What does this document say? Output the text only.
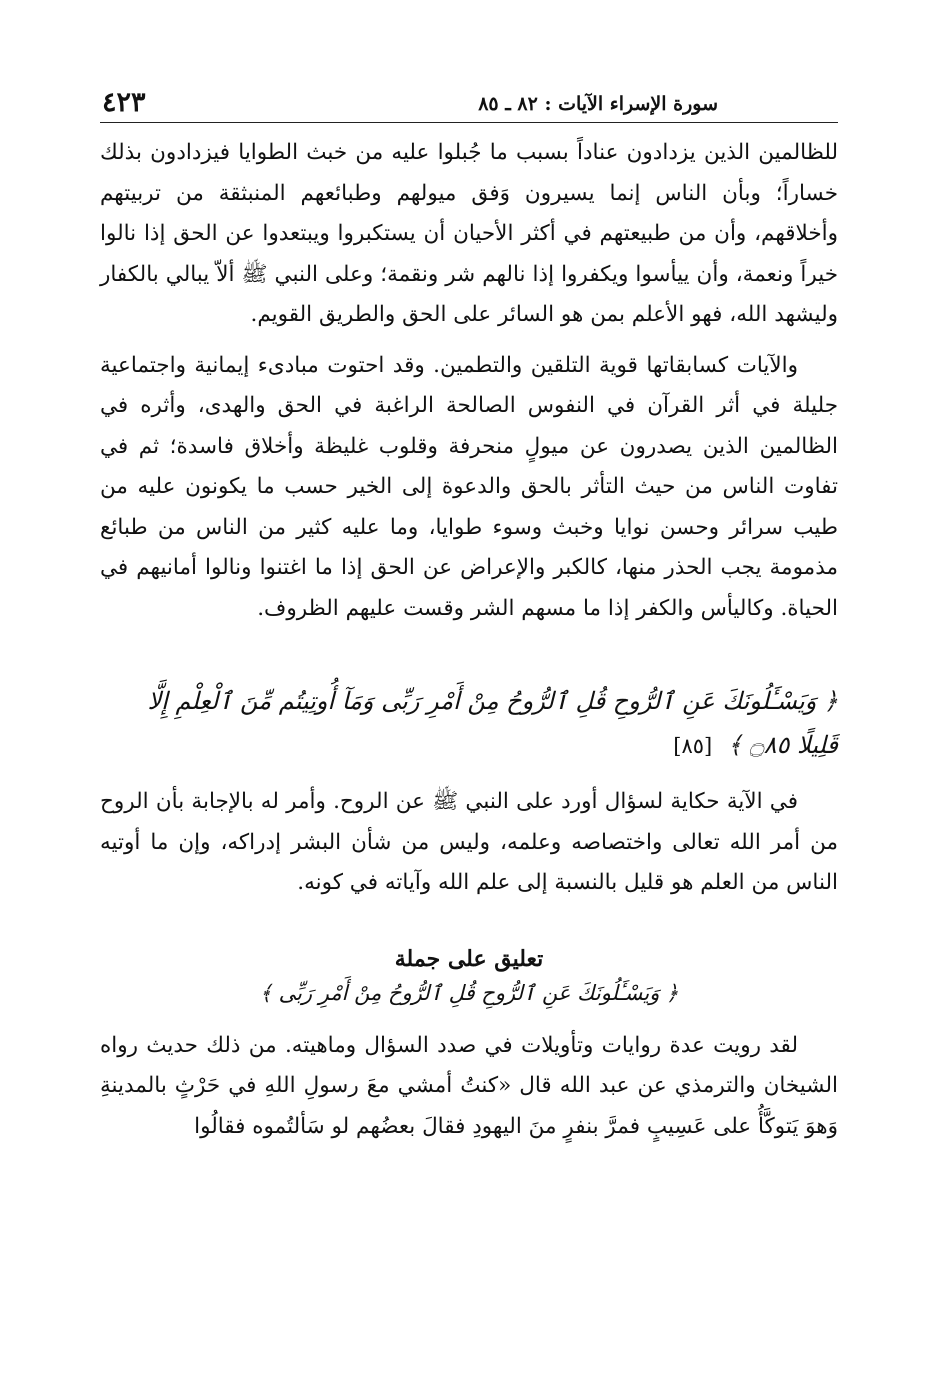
٤٢٣	سورة الإسراء الآيات : ٨٢ ـ ٨٥

للظالمين الذين يزدادون عناداً بسبب ما جُبلوا عليه من خبث الطوايا فيزدادون بذلك خساراً؛ وبأن الناس إنما يسيرون وَفق ميولهم وطبائعهم المنبثقة من تربيتهم وأخلاقهم، وأن من طبيعتهم في أكثر الأحيان أن يستكبروا ويبتعدوا عن الحق إذا نالوا خيراً ونعمة، وأن ييأسوا ويكفروا إذا نالهم شر ونقمة؛ وعلى النبي ﷺ ألاّ يبالي بالكفار وليشهد الله، فهو الأعلم بمن هو السائر على الحق والطريق القويم.

والآيات كسابقاتها قوية التلقين والتطمين. وقد احتوت مبادىء إيمانية واجتماعية جليلة في أثر القرآن في النفوس الصالحة الراغبة في الحق والهدى، وأثره في الظالمين الذين يصدرون عن ميولٍ منحرفة وقلوب غليظة وأخلاق فاسدة؛ ثم في تفاوت الناس من حيث التأثر بالحق والدعوة إلى الخير حسب ما يكونون عليه من طيب سرائر وحسن نوايا وخبث وسوء طوايا، وما عليه كثير من الناس من طبائع مذمومة يجب الحذر منها، كالكبر والإعراض عن الحق إذا ما اغتنوا ونالوا أمانيهم في الحياة. وكاليأس والكفر إذا ما مسهم الشر وقست عليهم الظروف.

﴿ وَيَسْـَٔلُونَكَ عَنِ ٱلرُّوحِ قُلِ ٱلرُّوحُ مِنْ أَمْرِ رَبِّى وَمَآ أُوتِيتُم مِّنَ ٱلْعِلْمِ إِلَّا قَلِيلًا ۝٨٥ ﴾ [٨٥]

في الآية حكاية لسؤال أورد على النبي ﷺ عن الروح. وأمر له بالإجابة بأن الروح من أمر الله تعالى واختصاصه وعلمه، وليس من شأن البشر إدراكه، وإن ما أوتيه الناس من العلم هو قليل بالنسبة إلى علم الله وآياته في كونه.

تعليق على جملة
﴿ وَيَسْـَٔلُونَكَ عَنِ ٱلرُّوحِ قُلِ ٱلرُّوحُ مِنْ أَمْرِ رَبِّى ﴾

لقد رويت عدة روايات وتأويلات في صدد السؤال وماهيته. من ذلك حديث رواه الشيخان والترمذي عن عبد الله قال «كنتُ أمشي معَ رسولِ اللهِ في حَرْثٍ بالمدينةِ وَهوَ يَتوكَّأُ على عَسِيبٍ فمرَّ بنفرٍ منَ اليهودِ فقالَ بعضُهم لو سَألتُموه فقالُوا
